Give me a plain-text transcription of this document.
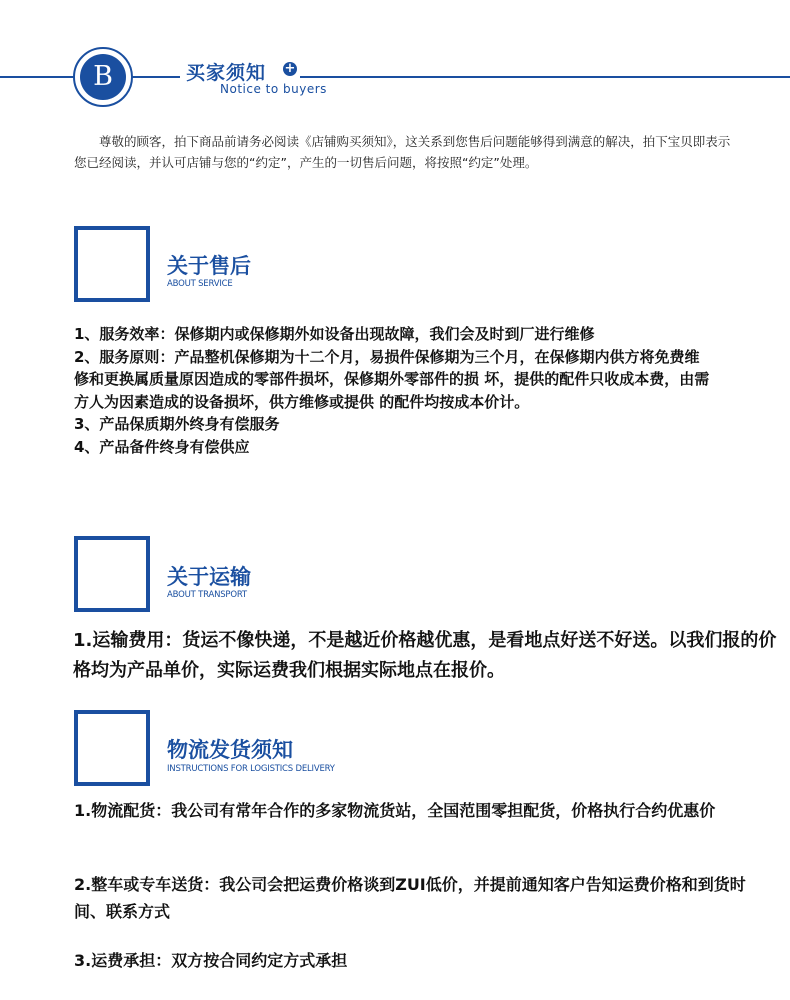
B	买家须知 +
Notice to buyers

尊敬的顾客，拍下商品前请务必阅读《店铺购买须知》，这关系到您售后问题能够得到满意的解决，拍下宝贝即表示您已经阅读，并认可店铺与您的“约定”，产生的一切售后问题，将按照“约定”处理。

关于售后
ABOUT SERVICE

1、服务效率：保修期内或保修期外如设备出现故障，我们会及时到厂进行维修

2、服务原则：产品整机保修期为十二个月，易损件保修期为三个月，在保修期内供方将免费维修和更换属质量原因造成的零部件损坏，保修期外零部件的损 坏，提供的配件只收成本费，由需方人为因素造成的设备损坏，供方维修或提供 的配件均按成本价计。

3、产品保质期外终身有偿服务

4、产品备件终身有偿供应

关于运输
ABOUT TRANSPORT

1.运输费用：货运不像快递，不是越近价格越优惠，是看地点好送不好送。以我们报的价格均为产品单价，实际运费我们根据实际地点在报价。

物流发货须知
INSTRUCTIONS FOR LOGISTICS DELIVERY

1.物流配货：我公司有常年合作的多家物流货站，全国范围零担配货，价格执行合约优惠价

2.整车或专车送货：我公司会把运费价格谈到ZUI低价，并提前通知客户告知运费价格和到货时间、联系方式

3.运费承担：双方按合同约定方式承担
